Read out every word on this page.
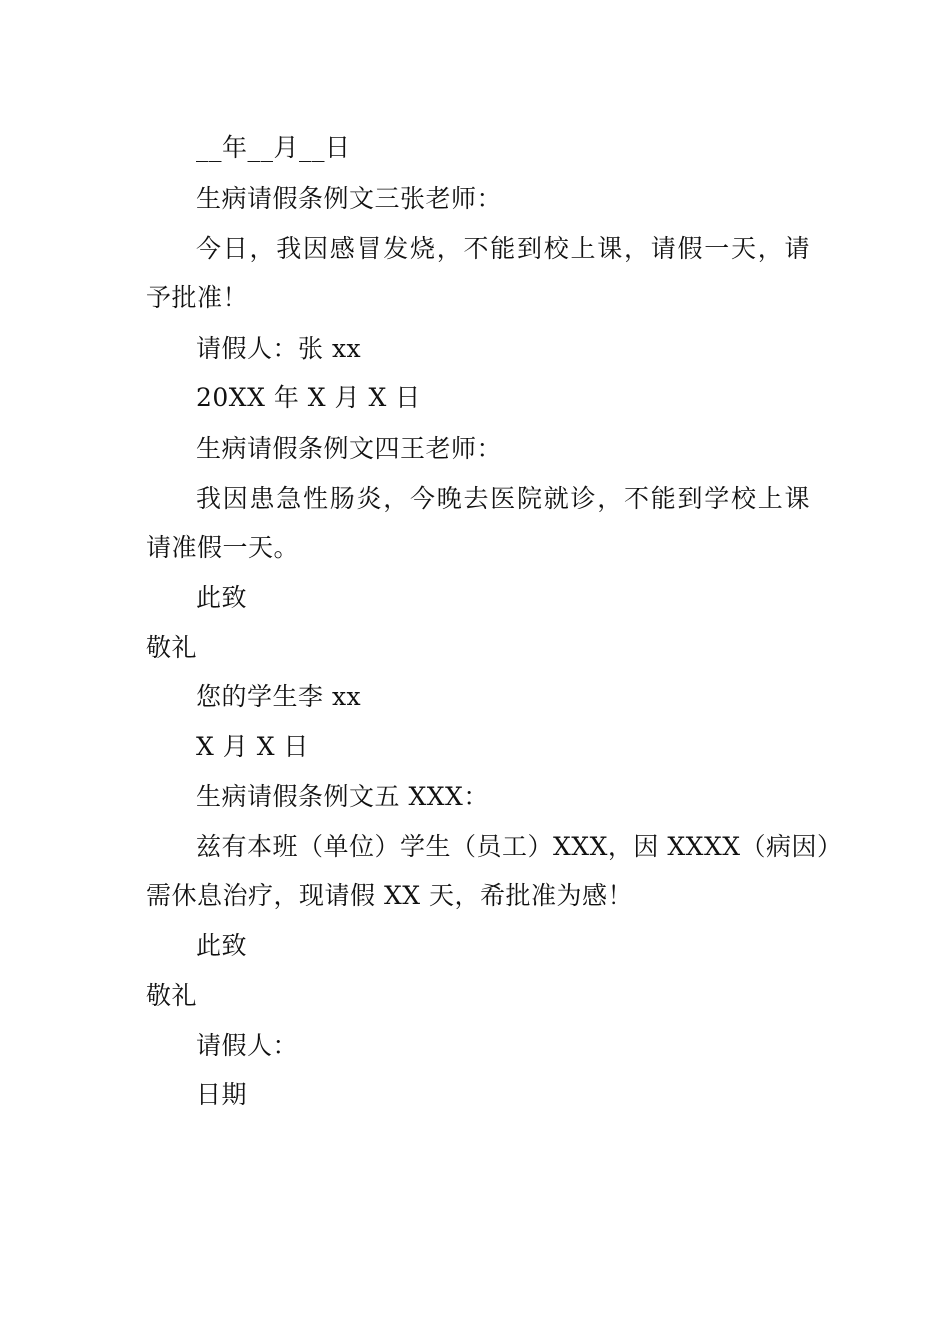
__年__月__日
生病请假条例文三张老师：
今日，我因感冒发烧，不能到校上课，请假一天，请
予批准！
请假人：张 xx
20XX 年 X 月 X 日
生病请假条例文四王老师：
我因患急性肠炎，今晚去医院就诊，不能到学校上课
请准假一天。
此致
敬礼
您的学生李 xx
X 月 X 日
生病请假条例文五 XXX：
兹有本班（单位）学生（员工）XXX，因 XXXX（病因）
需休息治疗，现请假 XX 天，希批准为感！
此致
敬礼
请假人：
日期
